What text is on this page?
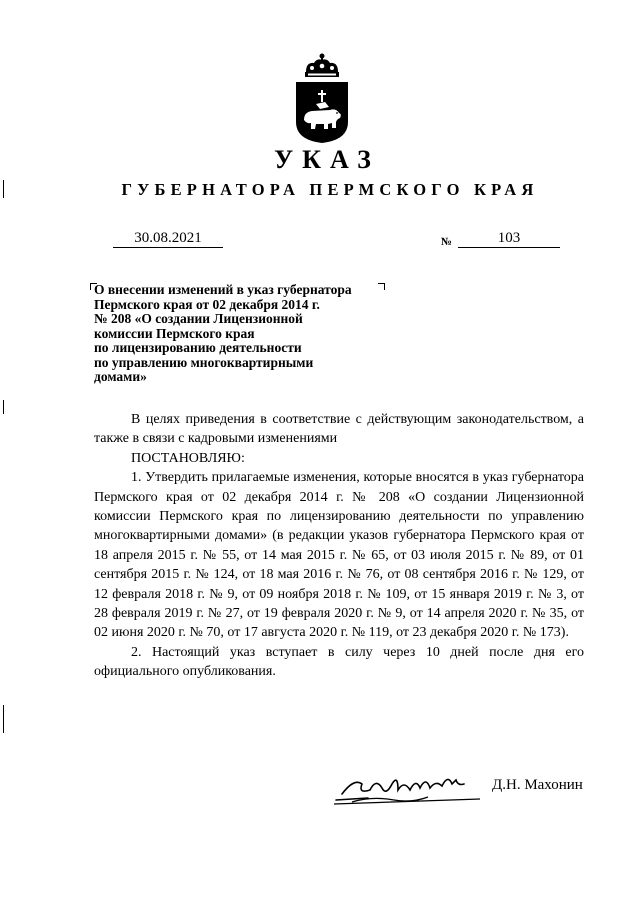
УКАЗ
ГУБЕРНАТОРА ПЕРМСКОГО КРАЯ
30.08.2021	№	103
О внесении изменений в указ губернатора
Пермского края от 02 декабря 2014 г.
№ 208 «О создании Лицензионной
комиссии Пермского края
по лицензированию деятельности
по управлению многоквартирными
домами»

В целях приведения в соответствие с действующим законодательством, а также в связи с кадровыми изменениями

ПОСТАНОВЛЯЮ:

1. Утвердить прилагаемые изменения, которые вносятся в указ губернатора Пермского края от 02 декабря 2014 г. № 208 «О создании Лицензионной комиссии Пермского края по лицензированию деятельности по управлению многоквартирными домами» (в редакции указов губернатора Пермского края от 18 апреля 2015 г. № 55, от 14 мая 2015 г. № 65, от 03 июля 2015 г. № 89, от 01 сентября 2015 г. № 124, от 18 мая 2016 г. № 76, от 08 сентября 2016 г. № 129, от 12 февраля 2018 г. № 9, от 09 ноября 2018 г. № 109, от 15 января 2019 г. № 3, от 28 февраля 2019 г. № 27, от 19 февраля 2020 г. № 9, от 14 апреля 2020 г. № 35, от 02 июня 2020 г. № 70, от 17 августа 2020 г. № 119, от 23 декабря 2020 г. № 173).

2. Настоящий указ вступает в силу через 10 дней после дня его официального опубликования.

Д.Н. Махонин
